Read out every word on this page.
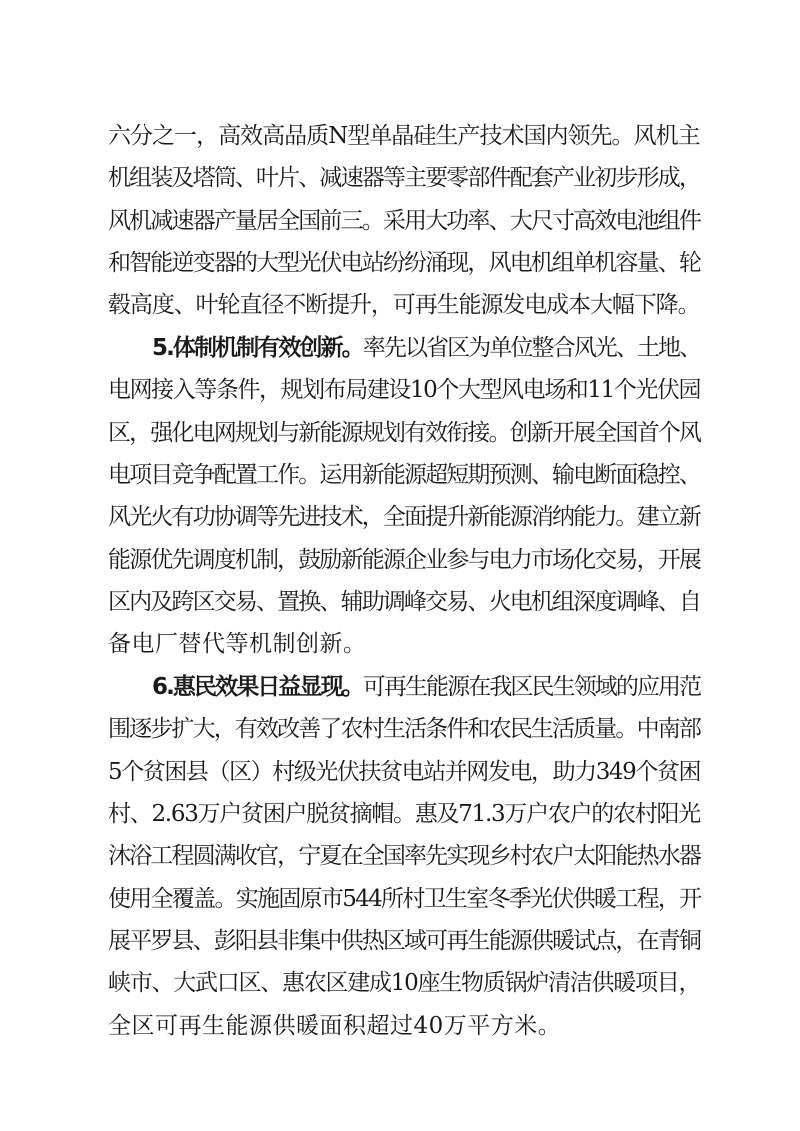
六分之一，高效高品质N型单晶硅生产技术国内领先。风机主
机组装及塔筒、叶片、减速器等主要零部件配套产业初步形成，
风机减速器产量居全国前三。采用大功率、大尺寸高效电池组件
和智能逆变器的大型光伏电站纷纷涌现，风电机组单机容量、轮
毂高度、叶轮直径不断提升，可再生能源发电成本大幅下降。
5.体制机制有效创新。率先以省区为单位整合风光、土地、
电网接入等条件，规划布局建设10个大型风电场和11个光伏园
区，强化电网规划与新能源规划有效衔接。创新开展全国首个风
电项目竞争配置工作。运用新能源超短期预测、输电断面稳控、
风光火有功协调等先进技术，全面提升新能源消纳能力。建立新
能源优先调度机制，鼓励新能源企业参与电力市场化交易，开展
区内及跨区交易、置换、辅助调峰交易、火电机组深度调峰、自
备电厂替代等机制创新。
6.惠民效果日益显现。可再生能源在我区民生领域的应用范
围逐步扩大，有效改善了农村生活条件和农民生活质量。中南部
5个贫困县（区）村级光伏扶贫电站并网发电，助力349个贫困
村、2.63万户贫困户脱贫摘帽。惠及71.3万户农户的农村阳光
沐浴工程圆满收官，宁夏在全国率先实现乡村农户太阳能热水器
使用全覆盖。实施固原市544所村卫生室冬季光伏供暖工程，开
展平罗县、彭阳县非集中供热区域可再生能源供暖试点，在青铜
峡市、大武口区、惠农区建成10座生物质锅炉清洁供暖项目，
全区可再生能源供暖面积超过40万平方米。
